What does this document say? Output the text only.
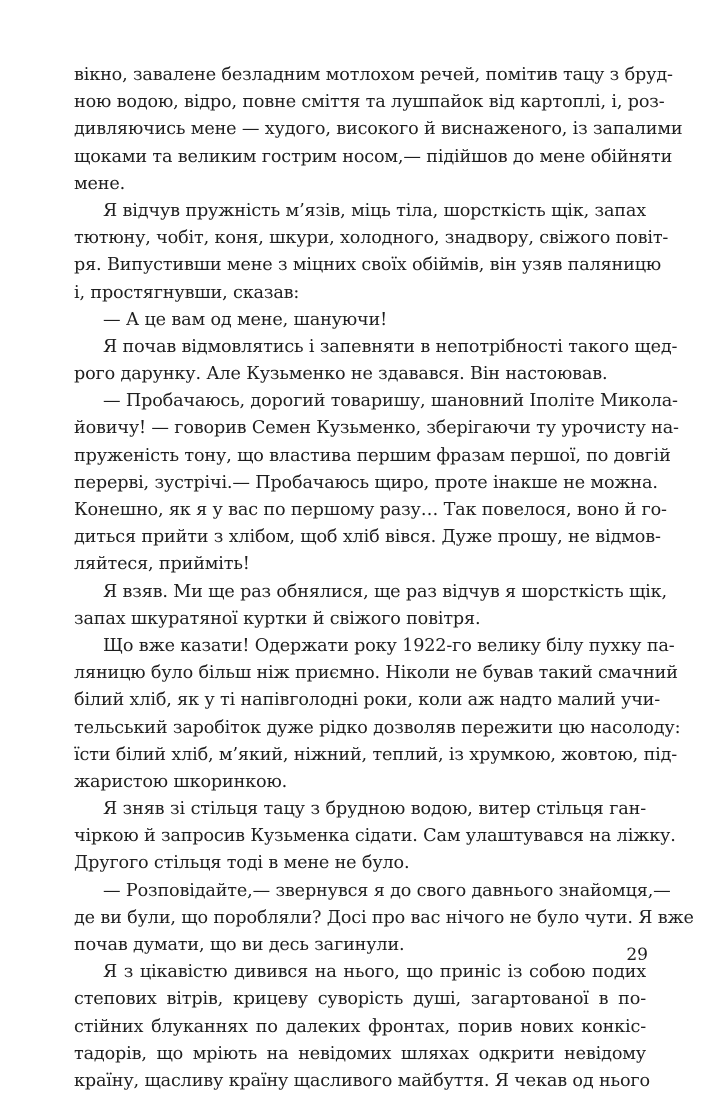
вікно, завалене безладним мотлохом речей, помітив тацу з бруд-
ною водою, відро, повне сміття та лушпайок від картоплі, і, роз-
дивляючись мене — худого, високого й виснаженого, із запалими
щоками та великим гострим носом,— підійшов до мене обійняти
мене.
Я відчув пружність м’язів, міць тіла, шорсткість щік, запах
тютюну, чобіт, коня, шкури, холодного, знадвору, свіжого повіт-
ря. Випустивши мене з міцних своїх обіймів, він узяв паляницю
і, простягнувши, сказав:
— А це вам од мене, шануючи!
Я почав відмовлятись і запевняти в непотрібності такого щед-
рого дарунку. Але Кузьменко не здавався. Він настоював.
— Пробачаюсь, дорогий товаришу, шановний Іполіте Микола-
йовичу! — говорив Семен Кузьменко, зберігаючи ту урочисту на-
пруженість тону, що властива першим фразам першої, по довгій
перерві, зустрічі.— Пробачаюсь щиро, проте інакше не можна.
Конешно, як я у вас по першому разу… Так повелося, воно й го-
диться прийти з хлібом, щоб хліб вівся. Дуже прошу, не відмов-
ляйтеся, прийміть!
Я взяв. Ми ще раз обнялися, ще раз відчув я шорсткість щік,
запах шкуратяної куртки й свіжого повітря.
Що вже казати! Одержати року 1922-го велику білу пухку па-
ляницю було більш ніж приємно. Ніколи не бував такий смачний
білий хліб, як у ті напівголодні роки, коли аж надто малий учи-
тельський заробіток дуже рідко дозволяв пережити цю насолоду:
їсти білий хліб, м’який, ніжний, теплий, із хрумкою, жовтою, під-
жаристою шкоринкою.
Я зняв зі стільця тацу з брудною водою, витер стільця ган-
чіркою й запросив Кузьменка сідати. Сам улаштувався на ліжку.
Другого стільця тоді в мене не було.
— Розповідайте,— звернувся я до свого давнього знайомця,—
де ви були, що поробляли? Досі про вас нічого не було чути. Я вже
почав думати, що ви десь загинули.
Я з цікавістю дивився на нього, що приніс із собою подих
степових вітрів, крицеву суворість душі, загартованої в по-
стійних блуканнях по далеких фронтах, порив нових конкіс-
тадорів, що мріють на невідомих шляхах одкрити невідому
країну, щасливу країну щасливого майбуття. Я чекав од нього
29
